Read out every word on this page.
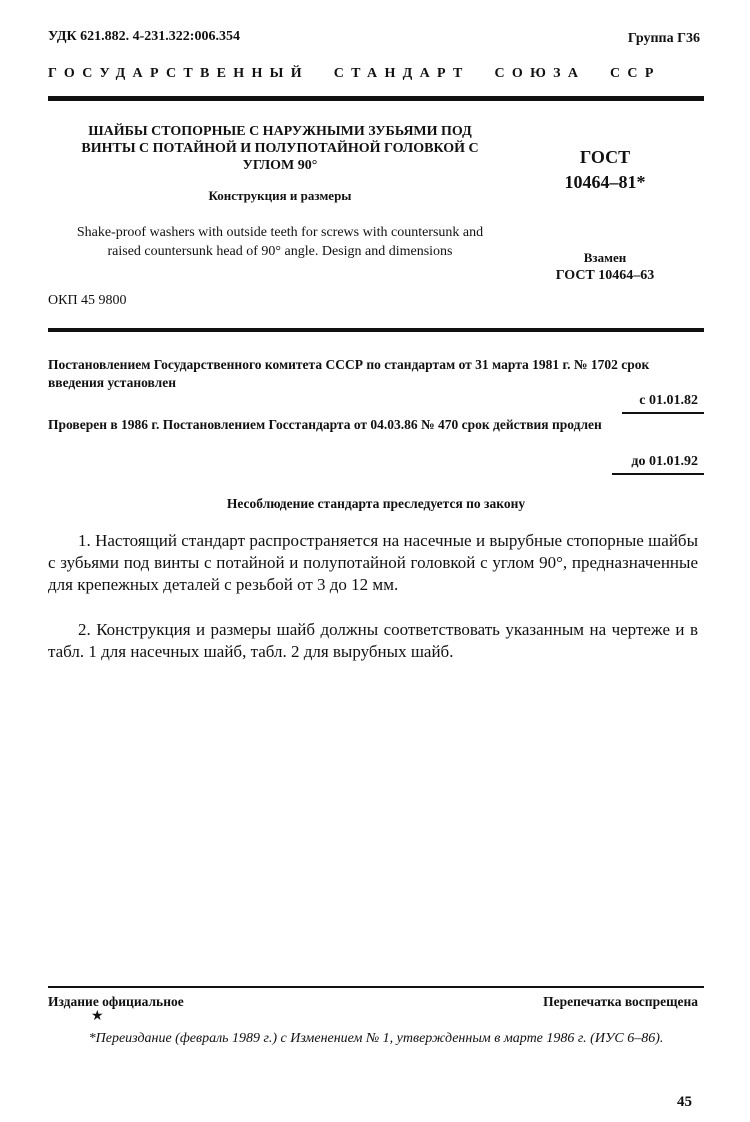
УДК 621.882. 4-231.322:006.354	Группа Г36
ГОСУДАРСТВЕННЫЙ СТАНДАРТ СОЮЗА ССР
ШАЙБЫ СТОПОРНЫЕ С НАРУЖНЫМИ ЗУБЬЯМИ ПОД ВИНТЫ С ПОТАЙНОЙ И ПОЛУПОТАЙНОЙ ГОЛОВКОЙ С УГЛОМ 90°
Конструкция и размеры
Shake-proof washers with outside teeth for screws with countersunk and raised countersunk head of 90° angle. Design and dimensions
ГОСТ
10464–81*
Взамен
ГОСТ 10464–63
ОКП 45 9800
Постановлением Государственного комитета СССР по стандартам от 31 марта 1981 г. № 1702 срок введения установлен
с 01.01.82
Проверен в 1986 г. Постановлением Госстандарта от 04.03.86 № 470 срок действия продлен
до 01.01.92
Несоблюдение стандарта преследуется по закону
1. Настоящий стандарт распространяется на насечные и вырубные стопорные шайбы с зубьями под винты с потайной и полупотайной головкой с углом 90°, предназначенные для крепежных деталей с резьбой от 3 до 12 мм.
2. Конструкция и размеры шайб должны соответствовать указанным на чертеже и в табл. 1 для насечных шайб, табл. 2 для вырубных шайб.
Издание официальное	Перепечатка воспрещена
★
*Переиздание (февраль 1989 г.) с Изменением № 1, утвержденным в марте 1986 г. (ИУС 6–86).
45
